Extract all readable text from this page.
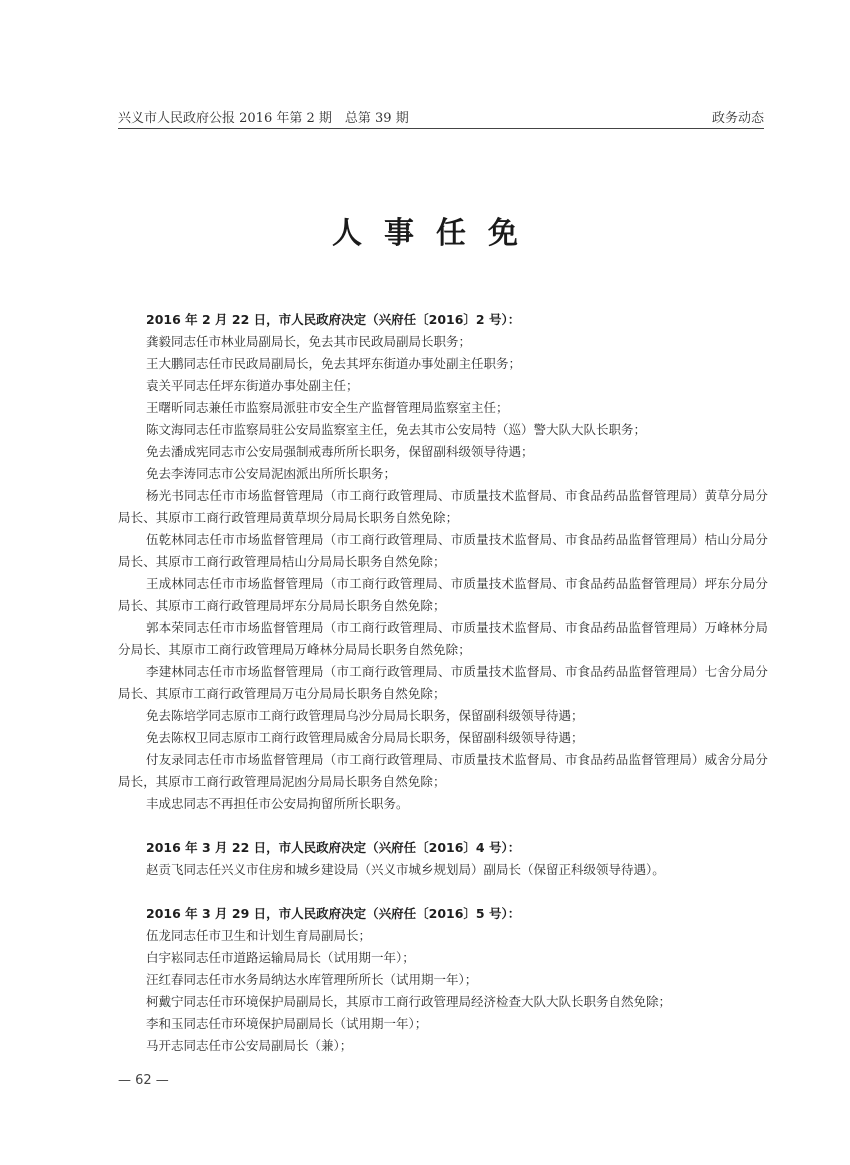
兴义市人民政府公报 2016 年第 2 期　总第 39 期	政务动态
人事任免
2016 年 2 月 22 日，市人民政府决定（兴府任〔2016〕2 号）：
龚毅同志任市林业局副局长，免去其市民政局副局长职务；
王大鹏同志任市民政局副局长，免去其坪东街道办事处副主任职务；
袁关平同志任坪东街道办事处副主任；
王曙昕同志兼任市监察局派驻市安全生产监督管理局监察室主任；
陈文海同志任市监察局驻公安局监察室主任，免去其市公安局特（巡）警大队大队长职务；
免去潘成宪同志市公安局强制戒毒所所长职务，保留副科级领导待遇；
免去李涛同志市公安局泥凼派出所所长职务；
杨光书同志任市市场监督管理局（市工商行政管理局、市质量技术监督局、市食品药品监督管理局）黄草分局分局长、其原市工商行政管理局黄草坝分局局长职务自然免除；
伍乾林同志任市市场监督管理局（市工商行政管理局、市质量技术监督局、市食品药品监督管理局）桔山分局分局长、其原市工商行政管理局桔山分局局长职务自然免除；
王成林同志任市市场监督管理局（市工商行政管理局、市质量技术监督局、市食品药品监督管理局）坪东分局分局长、其原市工商行政管理局坪东分局局长职务自然免除；
郭本荣同志任市市场监督管理局（市工商行政管理局、市质量技术监督局、市食品药品监督管理局）万峰林分局分局长、其原市工商行政管理局万峰林分局局长职务自然免除；
李建林同志任市市场监督管理局（市工商行政管理局、市质量技术监督局、市食品药品监督管理局）七舍分局分局长、其原市工商行政管理局万屯分局局长职务自然免除；
免去陈培学同志原市工商行政管理局乌沙分局局长职务，保留副科级领导待遇；
免去陈权卫同志原市工商行政管理局威舍分局局长职务，保留副科级领导待遇；
付友录同志任市市场监督管理局（市工商行政管理局、市质量技术监督局、市食品药品监督管理局）威舍分局分局长，其原市工商行政管理局泥凼分局局长职务自然免除；
丰成忠同志不再担任市公安局拘留所所长职务。
2016 年 3 月 22 日，市人民政府决定（兴府任〔2016〕4 号）：
赵贡飞同志任兴义市住房和城乡建设局（兴义市城乡规划局）副局长（保留正科级领导待遇）。
2016 年 3 月 29 日，市人民政府决定（兴府任〔2016〕5 号）：
伍龙同志任市卫生和计划生育局副局长；
白宇崧同志任市道路运输局局长（试用期一年）；
汪红春同志任市水务局纳达水库管理所所长（试用期一年）；
柯戴宁同志任市环境保护局副局长，其原市工商行政管理局经济检查大队大队长职务自然免除；
李和玉同志任市环境保护局副局长（试用期一年）；
马开志同志任市公安局副局长（兼）；
— 62 —
